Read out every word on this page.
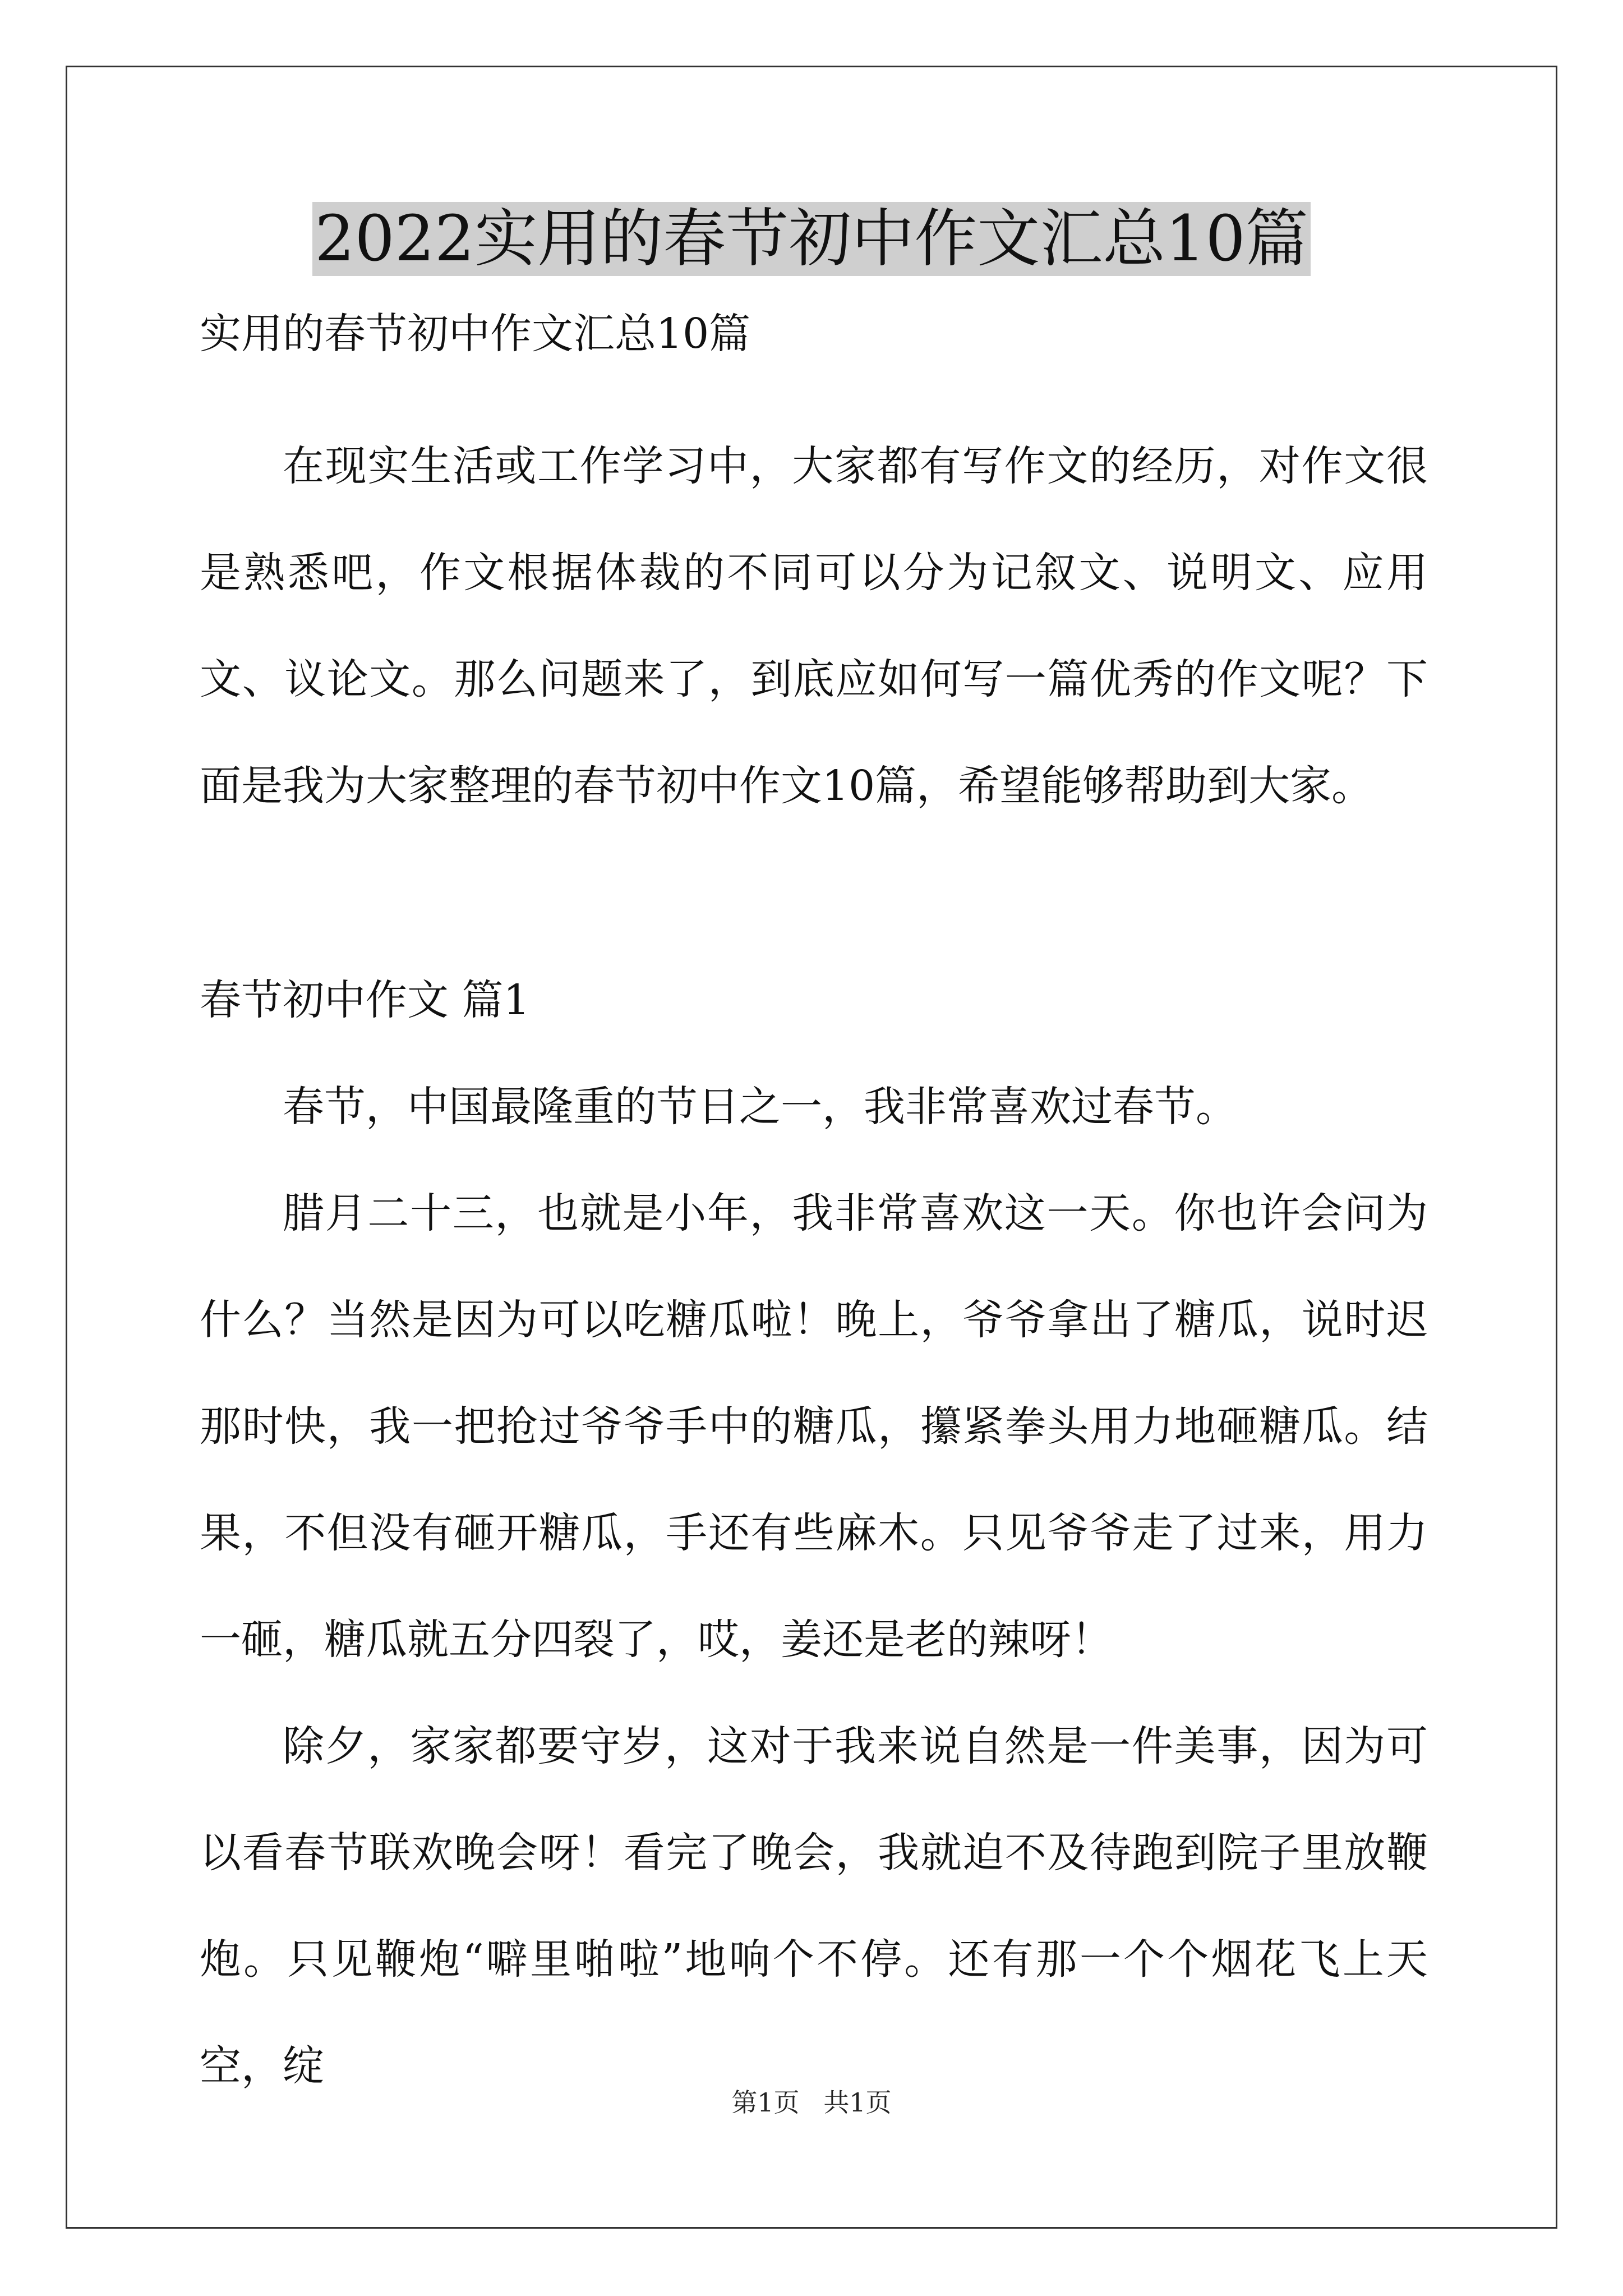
2022实用的春节初中作文汇总10篇

实用的春节初中作文汇总10篇

在现实生活或工作学习中，大家都有写作文的经历，对作文很是熟悉吧，作文根据体裁的不同可以分为记叙文、说明文、应用文、议论文。那么问题来了，到底应如何写一篇优秀的作文呢？下面是我为大家整理的春节初中作文10篇，希望能够帮助到大家。

春节初中作文 篇1

春节，中国最隆重的节日之一，我非常喜欢过春节。

腊月二十三，也就是小年，我非常喜欢这一天。你也许会问为什么？当然是因为可以吃糖瓜啦！晚上，爷爷拿出了糖瓜，说时迟那时快，我一把抢过爷爷手中的糖瓜，攥紧拳头用力地砸糖瓜。结果，不但没有砸开糖瓜，手还有些麻木。只见爷爷走了过来，用力一砸，糖瓜就五分四裂了，哎，姜还是老的辣呀！

除夕，家家都要守岁，这对于我来说自然是一件美事，因为可以看春节联欢晚会呀！看完了晚会，我就迫不及待跑到院子里放鞭炮。只见鞭炮“噼里啪啦”地响个不停。还有那一个个烟花飞上天空，绽

第1页 共1页
